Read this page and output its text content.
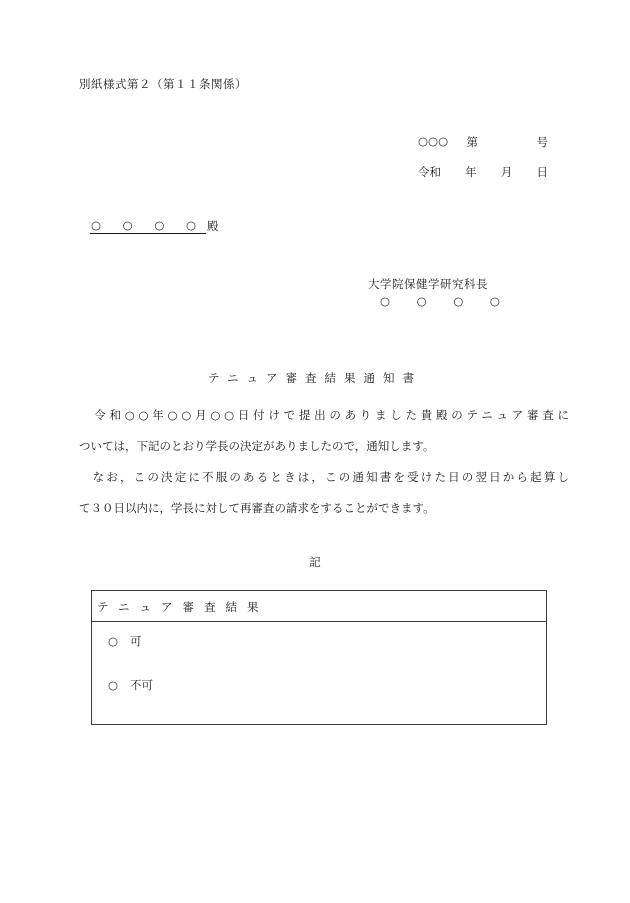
別紙様式第２（第１１条関係）
○○○ 第	号
令和 年 月 日
○ ○ ○ ○ 殿
大学院保健学研究科長
○ ○ ○ ○
テニュア審査結果通知書
　令和○○年○○月○○日付けで提出のありました貴殿のテニュア審査に
ついては，下記のとおり学長の決定がありましたので，通知します。
　なお，この決定に不服のあるときは，この通知書を受けた日の翌日から起算し
て３０日以内に，学長に対して再審査の請求をすることができます。
記
テニュア審査結果
○ 可
○ 不可
